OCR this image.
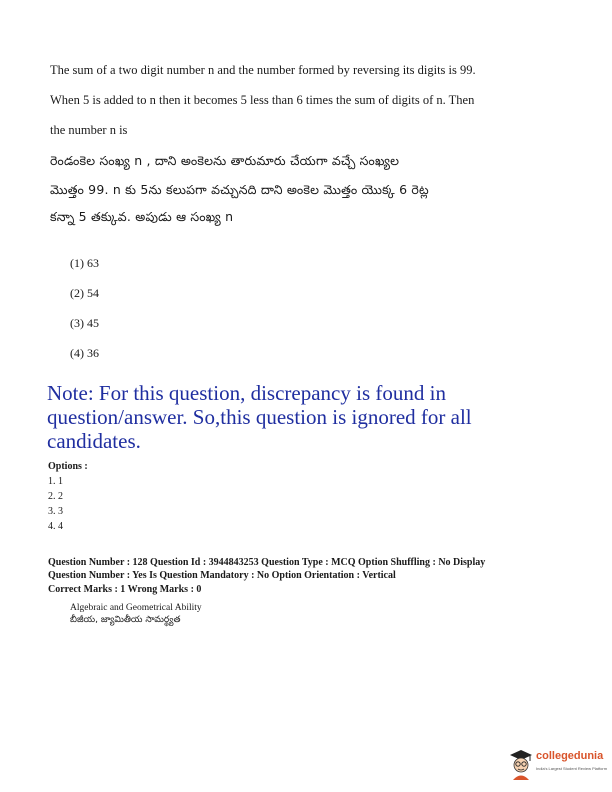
The sum of a two digit number n and the number formed by reversing its digits is 99.
When 5 is added to n then it becomes 5 less than 6 times the sum of digits of n. Then
the number n is
రెండంకెల సంఖ్య n , దాని అంకెలను తారుమారు చేయగా వచ్చే సంఖ్యల
మొత్తం 99. n కు 5ను కలుపగా వచ్చునది దాని అంకెల మొత్తం యొక్క 6 రెట్ల
కన్నా 5 తక్కువ. అపుడు ఆ సంఖ్య n
(1) 63
(2) 54
(3) 45
(4) 36
Note: For this question, discrepancy is found in question/answer. So,this question is ignored for all candidates.
Options :
1. 1
2. 2
3. 3
4. 4
Question Number : 128 Question Id : 3944843253 Question Type : MCQ Option Shuffling : No Display
Question Number : Yes Is Question Mandatory : No Option Orientation : Vertical
Correct Marks : 1 Wrong Marks : 0
Algebraic and Geometrical Ability
బీజీయ, జ్యామితీయ సామర్థ్యత
collegedunia
India's Largest Student Review Platform
